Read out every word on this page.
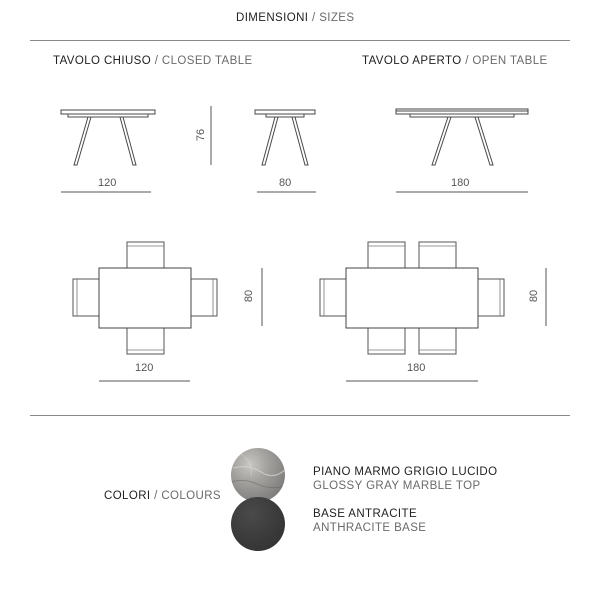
DIMENSIONI / SIZES
TAVOLO CHIUSO / CLOSED TABLE	TAVOLO APERTO / OPEN TABLE
120
76
80	180
120
80
180
80
COLORI / COLOURS
PIANO MARMO GRIGIO LUCIDO
GLOSSY GRAY MARBLE TOP
BASE ANTRACITE
ANTHRACITE BASE
